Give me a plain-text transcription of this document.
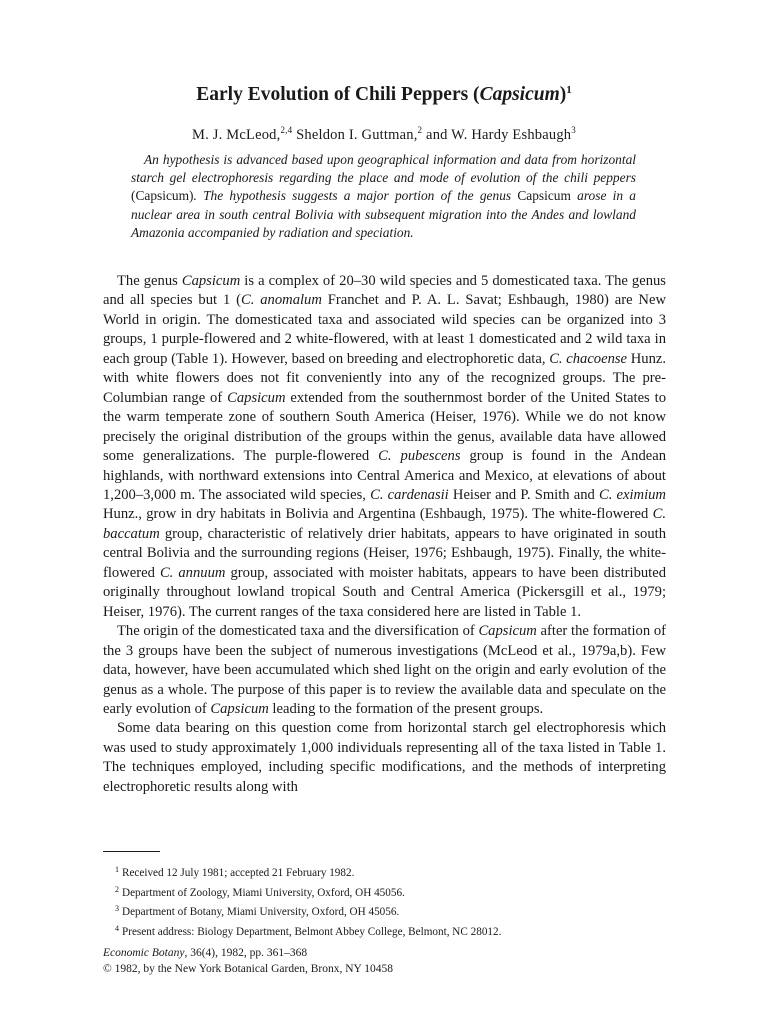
Early Evolution of Chili Peppers (Capsicum)$^1$
M. J. McLeod,$^{2,4}$ Sheldon I. Guttman,$^2$ and W. Hardy Eshbaugh$^3$
An hypothesis is advanced based upon geographical information and data from horizontal starch gel electrophoresis regarding the place and mode of evolution of the chili peppers (Capsicum). The hypothesis suggests a major portion of the genus Capsicum arose in a nuclear area in south central Bolivia with subsequent migration into the Andes and lowland Amazonia accompanied by radiation and speciation.

The genus Capsicum is a complex of 20–30 wild species and 5 domesticated taxa. The genus and all species but 1 (C. anomalum Franchet and P. A. L. Savat; Eshbaugh, 1980) are New World in origin. The domesticated taxa and associated wild species can be organized into 3 groups, 1 purple-flowered and 2 white-flowered, with at least 1 domesticated and 2 wild taxa in each group (Table 1). However, based on breeding and electrophoretic data, C. chacoense Hunz. with white flowers does not fit conveniently into any of the recognized groups. The pre-Columbian range of Capsicum extended from the southernmost border of the United States to the warm temperate zone of southern South America (Heiser, 1976). While we do not know precisely the original distribution of the groups within the genus, available data have allowed some generalizations. The purple-flowered C. pubescens group is found in the Andean highlands, with northward extensions into Central America and Mexico, at elevations of about 1,200–3,000 m. The associated wild species, C. cardenasii Heiser and P. Smith and C. eximium Hunz., grow in dry habitats in Bolivia and Argentina (Eshbaugh, 1975). The white-flowered C. baccatum group, characteristic of relatively drier habitats, appears to have originated in south central Bolivia and the surrounding regions (Heiser, 1976; Eshbaugh, 1975). Finally, the white-flowered C. annuum group, associated with moister habitats, appears to have been distributed originally throughout lowland tropical South and Central America (Pickersgill et al., 1979; Heiser, 1976). The current ranges of the taxa considered here are listed in Table 1.

The origin of the domesticated taxa and the diversification of Capsicum after the formation of the 3 groups have been the subject of numerous investigations (McLeod et al., 1979a,b). Few data, however, have been accumulated which shed light on the origin and early evolution of the genus as a whole. The purpose of this paper is to review the available data and speculate on the early evolution of Capsicum leading to the formation of the present groups.

Some data bearing on this question come from horizontal starch gel electrophoresis which was used to study approximately 1,000 individuals representing all of the taxa listed in Table 1. The techniques employed, including specific modifications, and the methods of interpreting electrophoretic results along with

$^1$ Received 12 July 1981; accepted 21 February 1982.
$^2$ Department of Zoology, Miami University, Oxford, OH 45056.
$^3$ Department of Botany, Miami University, Oxford, OH 45056.
$^4$ Present address: Biology Department, Belmont Abbey College, Belmont, NC 28012.
Economic Botany, 36(4), 1982, pp. 361–368
© 1982, by the New York Botanical Garden, Bronx, NY 10458
